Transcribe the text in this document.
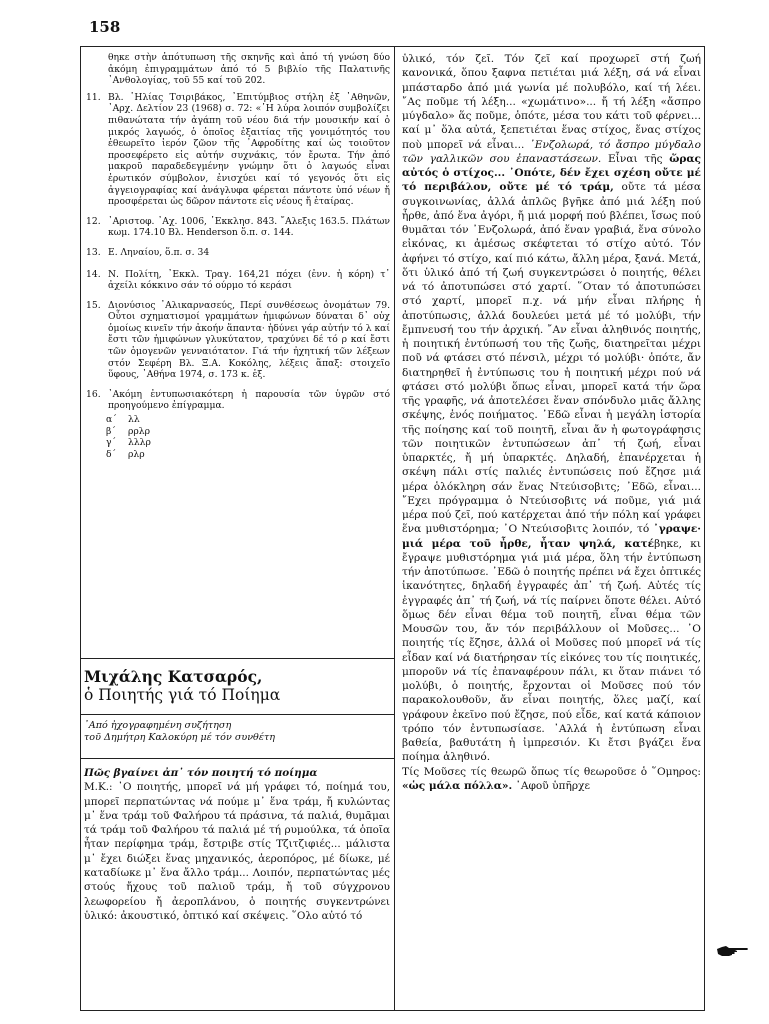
158

θηκε στὴν ἀπότυπωση τῆς σκηνῆς καὶ ἀπό τή γνώση δύο ἀκόμη ἐπιγραμμάτων ἀπό τό 5 βιβλίο τῆς Παλατινῆς ᾿Ανθολογίας, τοῦ 55 καί τοῦ 202.

11. Βλ. ῾Ηλίας Τσιριβάκος, ᾿Επιτύμβιος στήλη ἐξ ᾿Αθηνῶν, ᾿Αρχ. Δελτίον 23 (1968) σ. 72: «῾Η λύρα λοιπόν συμβολίζει πιθανώτατα τήν ἀγάπη τοῦ νέου διά τήν μουσικήν καί ὁ μικρός λαγωός, ὁ ὁποῖος ἐξαιτίας τῆς γονιμότητός του ἐθεωρεῖτο ἱερόν ζῶον τῆς ᾿Αφροδίτης καί ὡς τοιοῦτον προσεφέρετο εἰς αὐτήν συχνάκις, τόν ἔρωτα. Τήν ἀπό μακροῦ παραδεδεγμένην γνώμην ὅτι ὁ λαγωός εἶναι ἐρωτικόν σύμβολον, ἐνισχύει καί τό γεγονός ὅτι εἰς ἀγγειογραφίας καί ἀνάγλυφα φέρεται πάντοτε ὑπό νέων ἤ προσφέρεται ὡς δῶρον πάντοτε εἰς νέους ἤ ἑταίρας.
12. ᾿Αριστοφ. ᾿Αχ. 1006, ᾿Εκκλησ. 843. ῎Αλεξις 163.5. Πλάτων κωμ. 174.10 Βλ. Henderson ὅ.π. σ. 144.
13. Ε. Ληναίου, ὅ.π. σ. 34
14. Ν. Πολίτη, ᾿Εκκλ. Τραγ. 164,21 πόχει (ἐνν. ἡ κόρη) τ᾿ ἀχείλι κόκκινο σάν τό ούρμο τό κεράσι
15. Διονύσιος ᾿Αλικαρνασεύς, Περί συνθέσεως ὀνομάτων 79. Οὗτοι σχηματισμοί γραμμάτων ἡμιφώνων δύναται δ᾿ οὐχ ὁμοίως κινεῖν τήν ἀκοήν ἅπαντα· ἡδύνει γάρ αὐτήν τό λ καί ἔστι τῶν ἡμιφώνων γλυκύτατον, τραχύνει δέ τό ρ καί ἔστι τῶν ὁμογενῶν γενναιότατον. Γιά τήν ἠχητική τῶν λέξεων στόν Σεφέρη Βλ. Ξ.Α. Κοκόλης, λέξεις ἅπαξ: στοιχεῖο ὕφους, ᾿Αθήνα 1974, σ. 173 κ. ἑξ.
16. ᾿Ακόμη ἐντυπωσιακότερη ἡ παρουσία τῶν ὑγρῶν στό προηγούμενο ἐπίγραμμα.
α΄	λλ
β΄	ρρλρ
γ΄	λλλρ
δ΄	ρλρ

Μιχάλης Κατσαρός,

ὁ Ποιητής γιά τό Ποίημα

᾿Από ἠχογραφημένη συζήτηση
τοῦ Δημήτρη Καλοκύρη μέ τόν συνθέτη
Πῶς βγαίνει ἀπ᾿ τόν ποιητή τό ποίημα
Μ.Κ.: ᾿Ο ποιητής, μπορεῖ νά μή γράφει τό, ποίημά του, μπορεῖ περπατώντας νά πούμε μ᾿ ἕνα τράμ, ἤ κυλώντας μ᾿ ἕνα τράμ τοῦ Φαλήρου τά πράσινα, τά παλιά, θυμᾶμαι τά τράμ τοῦ Φαλήρου τά παλιά μέ τή ρυμούλκα, τά ὁποῖα ἦταν περίφημα τράμ, ἔστριβε στίς Τζιτζιφιές... μάλιστα μ᾿ ἔχει διώξει ἕνας μηχανικός, ἀεροπόρος, μέ δίωκε, μέ καταδίωκε μ᾿ ἕνα ἄλλο τράμ... Λοιπόν, περπατώντας μές στούς ἤχους τοῦ παλιοῦ τράμ, ἤ τοῦ σύγχρονου λεωφορείου ἤ ἀεροπλάνου, ὁ ποιητής συγκεντρώνει ὑλικό: ἀκουστικό, ὀπτικό καί σκέψεις. ῞Ολο αὐτό τό
ὑλικό, τόν ζεῖ. Τόν ζεῖ καί προχωρεῖ στή ζωή κανονικά, ὅπου ξαφνα πετιέται μιά λέξη, σά νά εἶναι μπάσταρδο ἀπό μιά γωνία μέ πολυβόλο, καί τή λέει. ῎Ας ποῦμε τή λέξη... «χωμάτινο»... ἤ τή λέξη «ἄσπρο μύγδαλο» ἅς ποῦμε, ὁπότε, μέσα του κάτι τοῦ φέρνει... καί μ᾿ ὅλα αὐτά, ξεπετιέται ἕνας στίχος, ἕνας στίχος ποὺ μπορεῖ νά εἶναι... ᾿Ενζολωρά, τό ἄσπρο μύγδαλο τῶν γαλλικῶν σου ἐπαναστάσεων. Εἶναι τῆς ὥρας αὐτός ὁ στίχος... ᾿Οπότε, δέν ἔχει σχέση οὔτε μέ τό περιβάλον, οὔτε μέ τό τράμ, οὔτε τά μέσα συγκοινωνίας, ἀλλά ἁπλῶς βγῆκε ἀπό μιά λέξη πού ἦρθε, ἀπό ἕνα ἀγόρι, ἤ μιά μορφή πού βλέπει, ἴσως πού θυμᾶται τόν ᾿Ενζολωρά, ἀπό ἕναν γραβιά, ἕνα σύνολο εἰκόνας, κι ἀμέσως σκέφτεται τό στίχο αὐτό. Τόν ἀφήνει τό στίχο, καί πιό κάτω, ἄλλη μέρα, ξανά. Μετά, ὅτι ὑλικό ἀπό τή ζωή συγκεντρώσει ὁ ποιητής, θέλει νά τό ἀποτυπώσει στό χαρτί. ῞Οταν τό ἀποτυπώσει στό χαρτί, μπορεῖ π.χ. νά μήν εἶναι πλήρης ἡ ἀποτύπωσις, ἀλλά δουλεύει μετά μέ τό μολύβι, τήν ἔμπνευσή του τήν ἀρχική. ῎Αν εἶναι ἀληθινός ποιητής, ἡ ποιητική ἐντύπωσή του τῆς ζωῆς, διατηρεῖται μέχρι ποῦ νά φτάσει στό πένσιλ, μέχρι τό μολύβι· ὁπότε, ἄν διατηρηθεῖ ἡ ἐντύπωσις του ἡ ποιητική μέχρι πού νά φτάσει στό μολύβι ὅπως εἶναι, μπορεῖ κατά τήν ὥρα τῆς γραφῆς, νά ἀποτελέσει ἕναν σπόνδυλο μιᾶς ἄλλης σκέψης, ἑνός ποιήματος. ᾿Εδῶ εἶναι ἡ μεγάλη ἱστορία τῆς ποίησης καί τοῦ ποιητῆ, εἶναι ἄν ἡ φωτογράφησις τῶν ποιητικῶν ἐντυπώσεων ἀπ᾿ τή ζωή, εἶναι ὑπαρκτές, ἤ μή ὑπαρκτές. Δηλαδή, ἐπανέρχεται ἡ σκέψη πάλι στίς παλιές ἐντυπώσεις πού ἔζησε μιά μέρα ὁλόκληρη σάν ἕνας Ντεύισοβιτς; ᾿Εδῶ, εἶναι... ῎Εχει πρόγραμμα ὁ Ντεύισοβιτς νά ποῦμε, γιά μιά μέρα πού ζεῖ, πού κατέρχεται ἀπό τήν πόλη καί γράφει ἕνα μυθιστόρημα; ᾿Ο Ντεύισοβιτς λοιπόν, τό ᾿γραψε· μιά μέρα τοῦ ἦρθε, ἦταν ψηλά, κατέβηκε, κι ἔγραψε μυθιστόρημα γιά μιά μέρα, ὅλη τήν ἐντύπωση τήν ἀποτύπωσε. ᾿Εδῶ ὁ ποιητής πρέπει νά ἔχει ὀπτικές ἱκανότητες, δηλαδή ἐγγραφές ἀπ᾿ τή ζωή. Αὐτές τίς ἐγγραφές ἀπ᾿ τή ζωή, νά τίς παίρνει ὅποτε θέλει. Αὐτό ὅμως δέν εἶναι θέμα τοῦ ποιητῆ, εἶναι θέμα τῶν Μουσῶν του, ἄν τόν περιβάλλουν οἱ Μοῦσες... ᾿Ο ποιητής τίς ἔζησε, ἀλλά οἱ Μοῦσες πού μπορεῖ νά τίς εἶδαν καί νά διατήρησαν τίς εἰκόνες του τίς ποιητικές, μποροῦν νά τίς ἐπαναφέρουν πάλι, κι ὅταν πιάνει τό μολύβι, ὁ ποιητής, ἔρχονται οἱ Μοῦσες πού τόν παρακολουθοῦν, ἄν εἶναι ποιητής, ὅλες μαζί, καί γράφουν ἐκεῖνο πού ἔζησε, πού εἶδε, καί κατά κάποιον τρόπο τόν ἐντυπωσίασε. ᾿Αλλά ἡ ἐντύπωση εἶναι βαθεία, βαθυτάτη ἡ ἰμπρεσιόν. Κι ἔτσι βγάζει ἕνα ποίημα ἀληθινό.
Τίς Μοῦσες τίς θεωρῶ ὅπως τίς θεωροῦσε ὁ ῞Ομηρος: «ὡς μάλα πόλλα». ᾿Αφοῦ ὑπῆρχε
